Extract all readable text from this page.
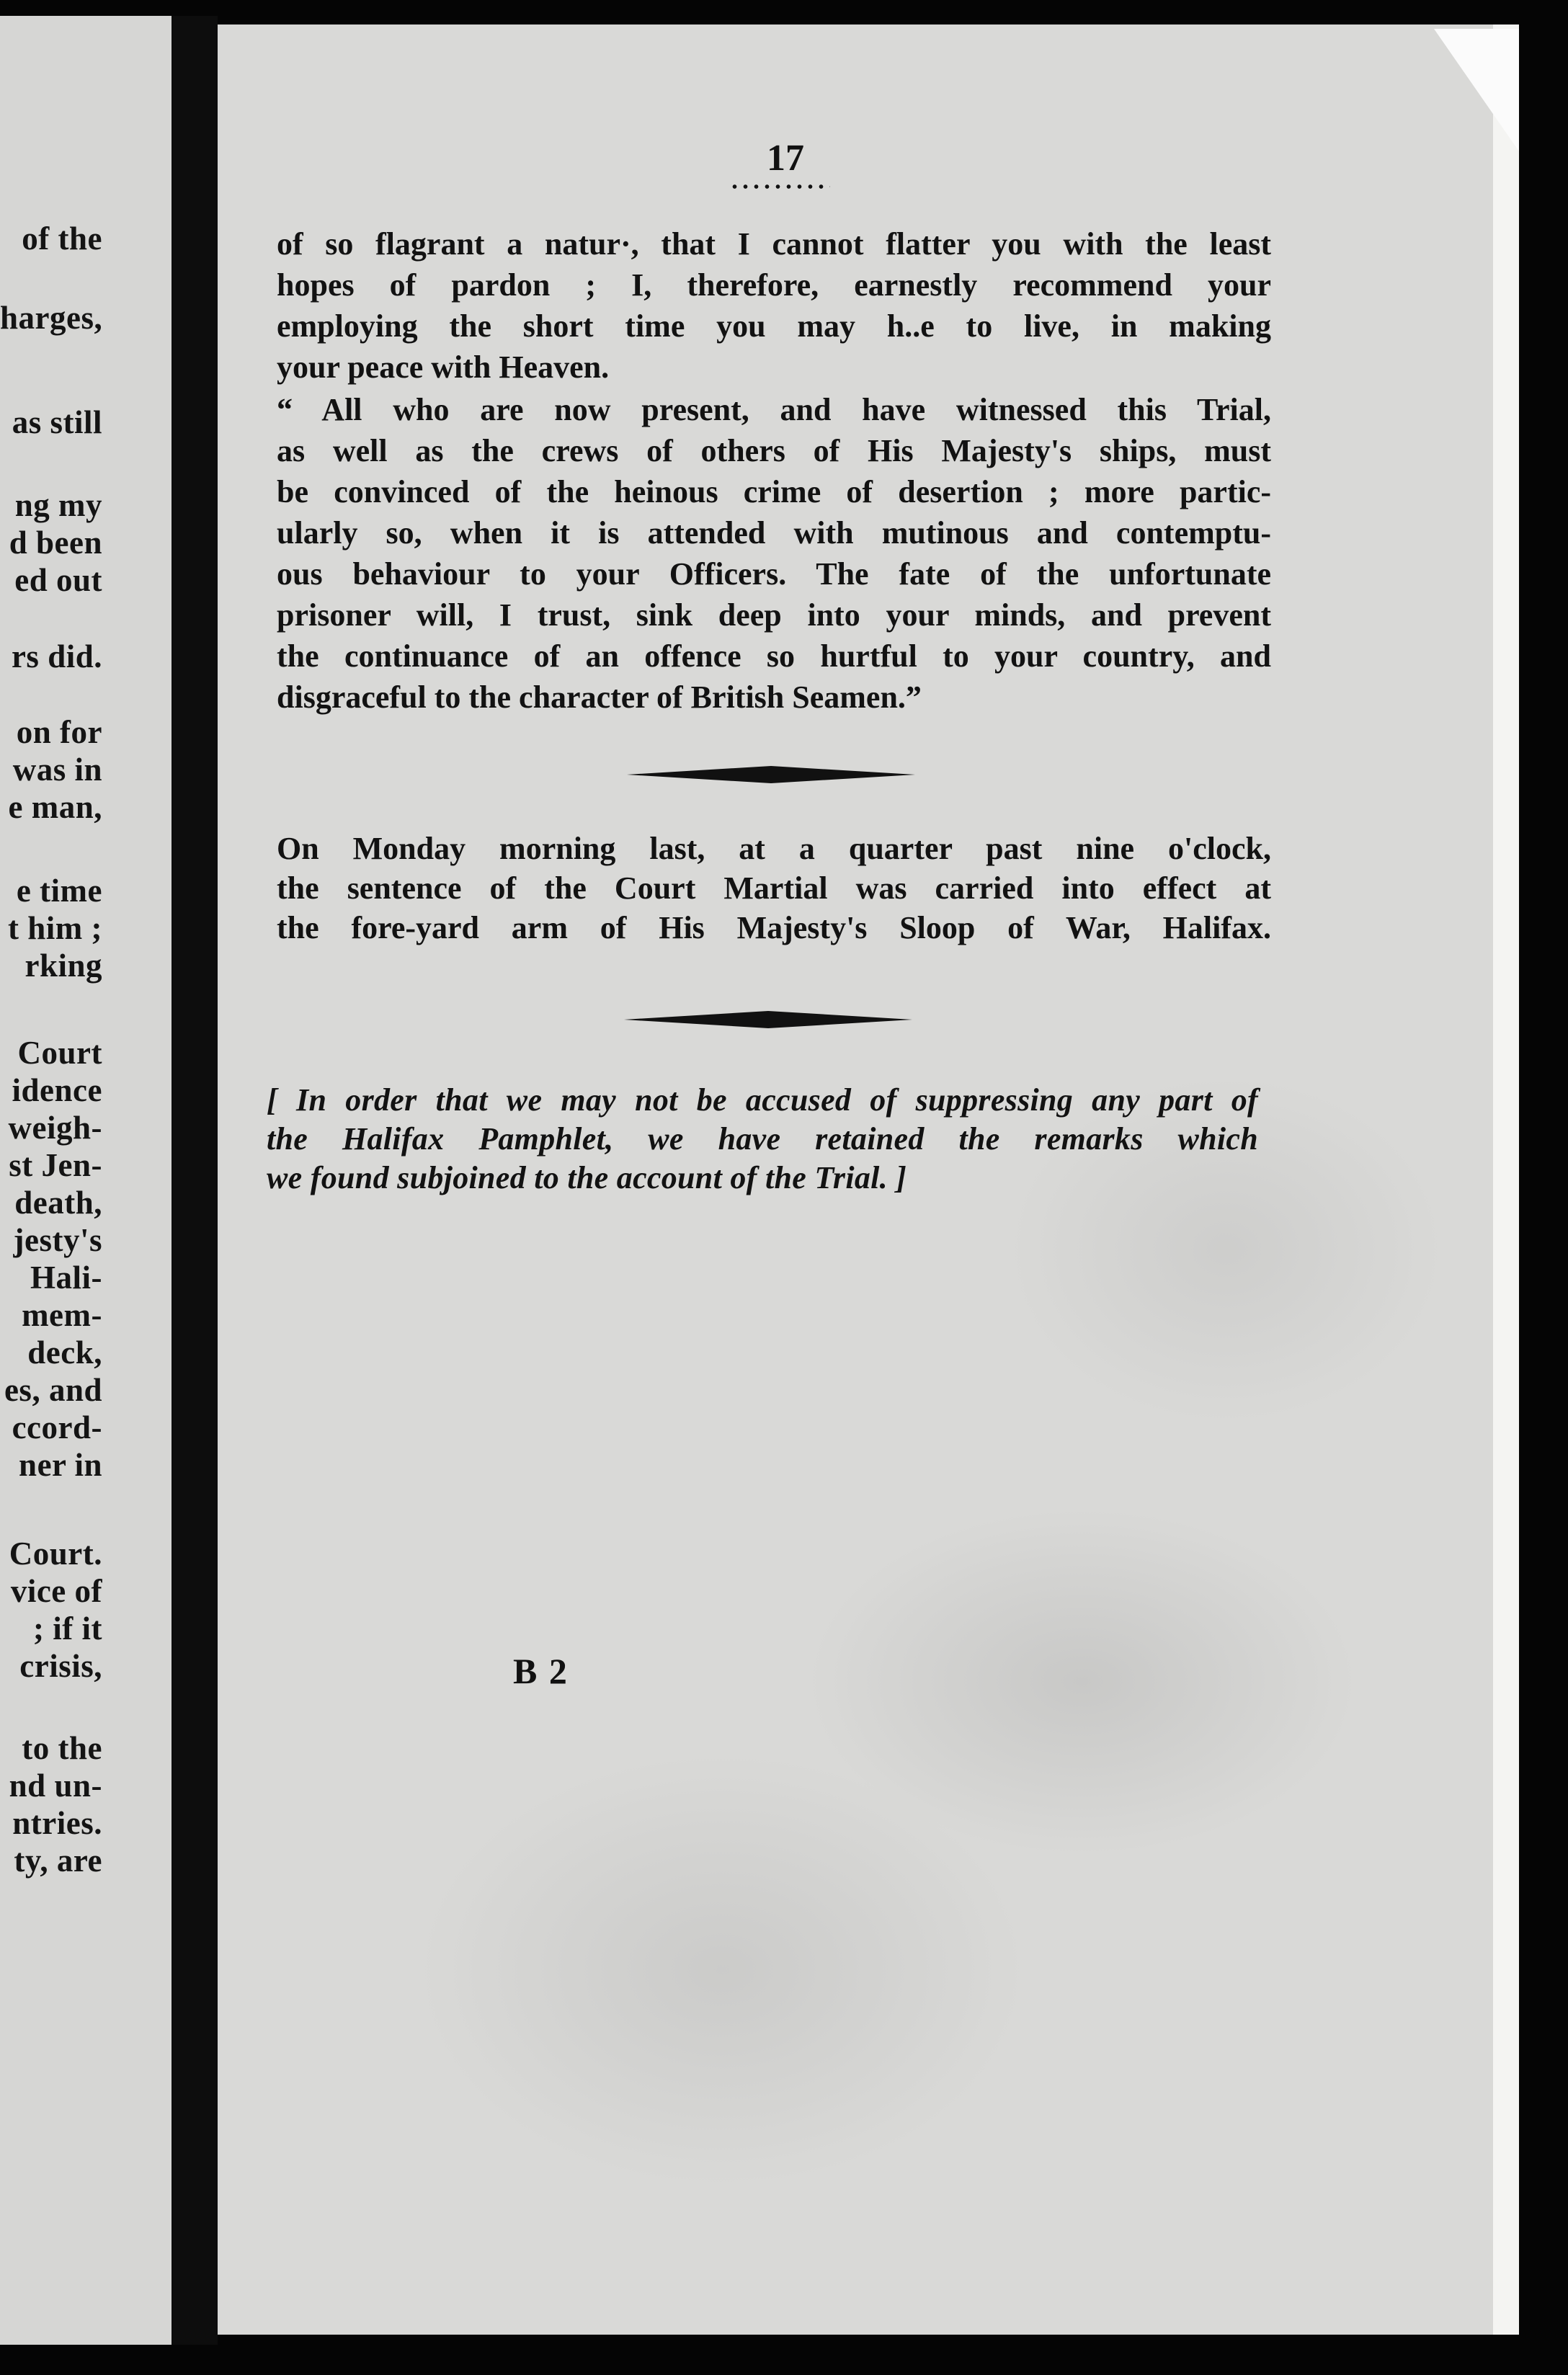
of the
harges,
as still
ng my
d been
ed out
rs did.
on for
was in
e man,
e time
t him ;
rking
Court
idence
weigh-
st Jen-
death,
jesty's
Hali-
mem-
deck,
es, and
ccord-
ner in
Court.
vice of
; if it
crisis,
to the
nd un-
ntries.
ty, are
17
of so flagrant a natur·, that I cannot flatter you with the least
hopes of pardon ; I, therefore, earnestly recommend your
employing the short time you may h..e to live, in making
your peace with Heaven.
“ All who are now present, and have witnessed this Trial,
as well as the crews of others of His Majesty's ships, must
be convinced of the heinous crime of desertion ; more partic-
ularly so, when it is attended with mutinous and contemptu-
ous behaviour to your Officers. The fate of the unfortunate
prisoner will, I trust, sink deep into your minds, and prevent
the continuance of an offence so hurtful to your country, and
disgraceful to the character of British Seamen.”
On Monday morning last, at a quarter past nine o'clock,
the sentence of the Court Martial was carried into effect at
the fore-yard arm of His Majesty's Sloop of War, Halifax.
[ In order that we may not be accused of suppressing any part of
the Halifax Pamphlet, we have retained the remarks which
we found subjoined to the account of the Trial. ]
B 2
